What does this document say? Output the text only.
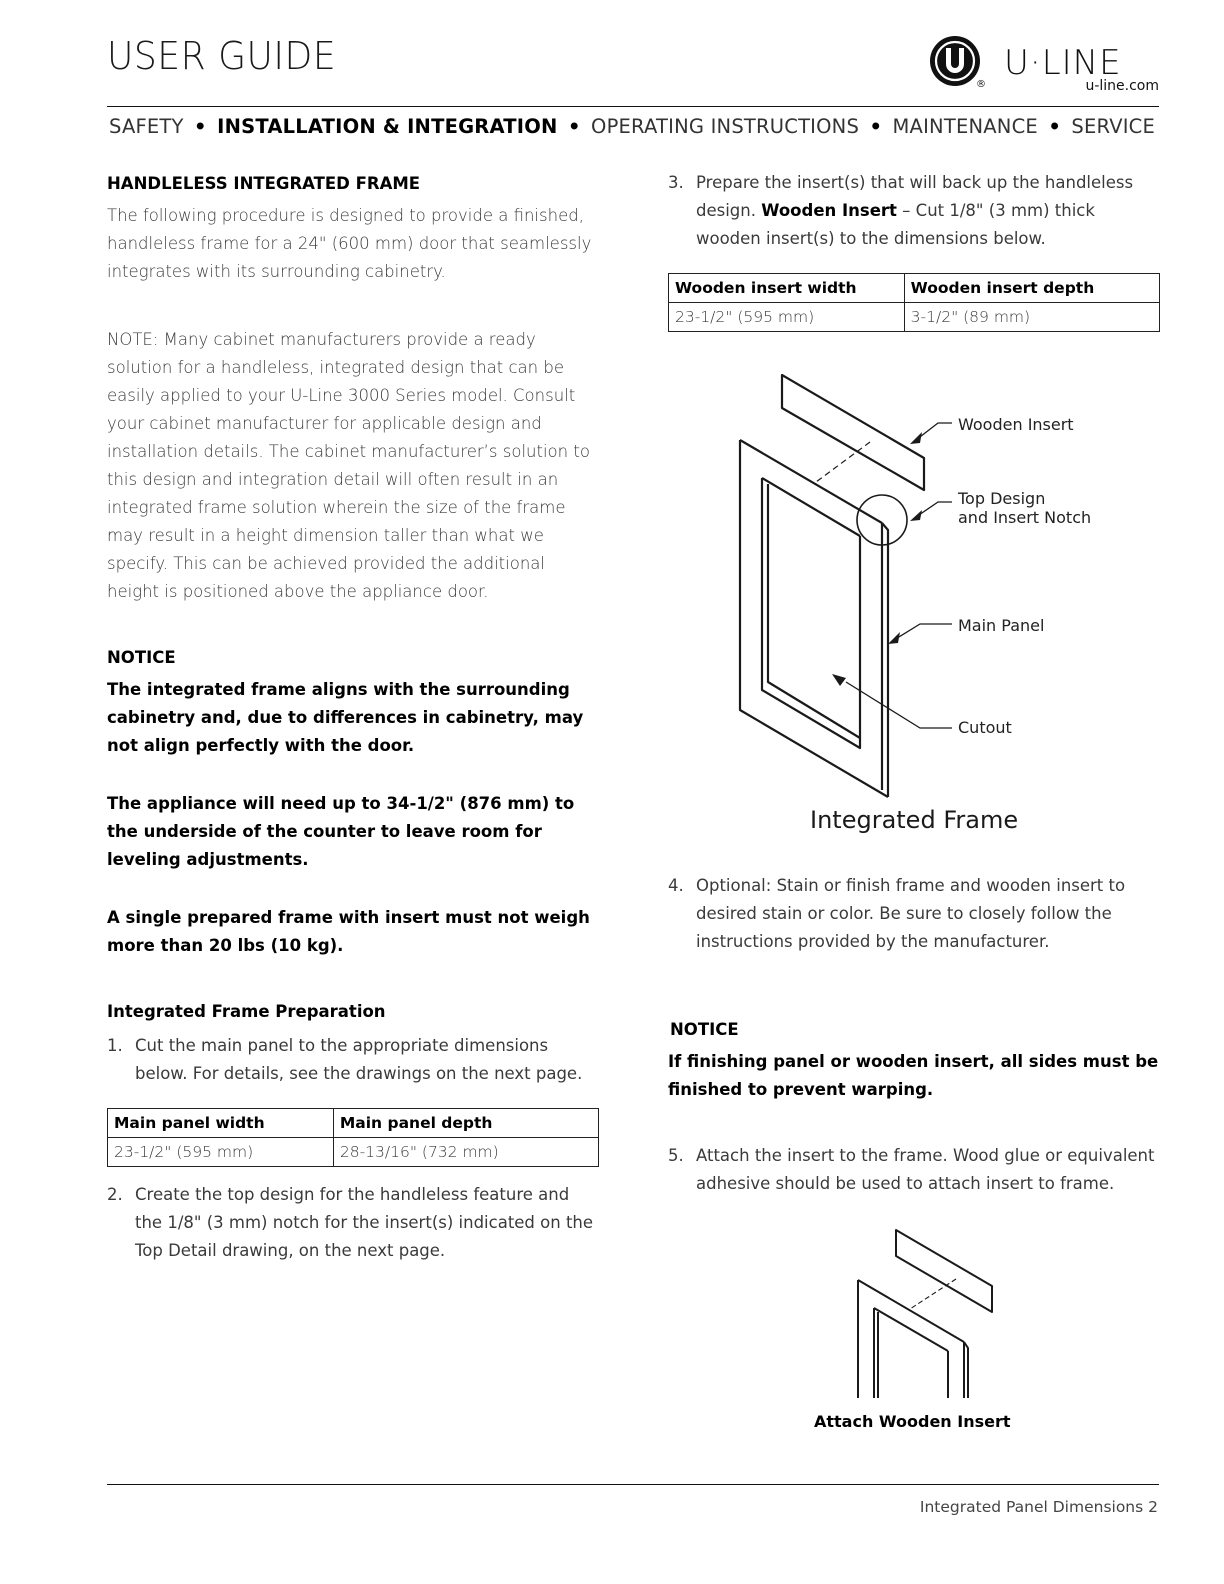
USER GUIDE
®
U·LINE
u-line.com
SAFETY • INSTALLATION & INTEGRATION • OPERATING INSTRUCTIONS • MAINTENANCE • SERVICE

HANDLELESS INTEGRATED FRAME

The following procedure is designed to provide a finished, handleless frame for a 24" (600 mm) door that seamlessly integrates with its surrounding cabinetry.

NOTE: Many cabinet manufacturers provide a ready solution for a handleless, integrated design that can be easily applied to your U-Line 3000 Series model. Consult your cabinet manufacturer for applicable design and installation details. The cabinet manufacturer’s solution to this design and integration detail will often result in an integrated frame solution wherein the size of the frame may result in a height dimension taller than what we specify. This can be achieved provided the additional height is positioned above the appliance door.

NOTICE

The integrated frame aligns with the surrounding cabinetry and, due to differences in cabinetry, may not align perfectly with the door.

The appliance will need up to 34-1/2" (876 mm) to the underside of the counter to leave room for leveling adjustments.

A single prepared frame with insert must not weigh more than 20 lbs (10 kg).

Integrated Frame Preparation

1. Cut the main panel to the appropriate dimensions below. For details, see the drawings on the next page.
Main panel width	Main panel depth
23-1/2" (595 mm)	28-13/16" (732 mm)
2. Create the top design for the handleless feature and the 1/8" (3 mm) notch for the insert(s) indicated on the Top Detail drawing, on the next page.
3. Prepare the insert(s) that will back up the handleless design. Wooden Insert – Cut 1/8" (3 mm) thick wooden insert(s) to the dimensions below.
Wooden insert width	Wooden insert depth
23-1/2" (595 mm)	3-1/2" (89 mm)
Wooden Insert
Top Design
and Insert Notch
Main Panel
Cutout
Integrated Frame
4. Optional: Stain or finish frame and wooden insert to desired stain or color. Be sure to closely follow the instructions provided by the manufacturer.

NOTICE

If finishing panel or wooden insert, all sides must be finished to prevent warping.

5. Attach the insert to the frame. Wood glue or equivalent adhesive should be used to attach insert to frame.
Attach Wooden Insert
Integrated Panel Dimensions 2
